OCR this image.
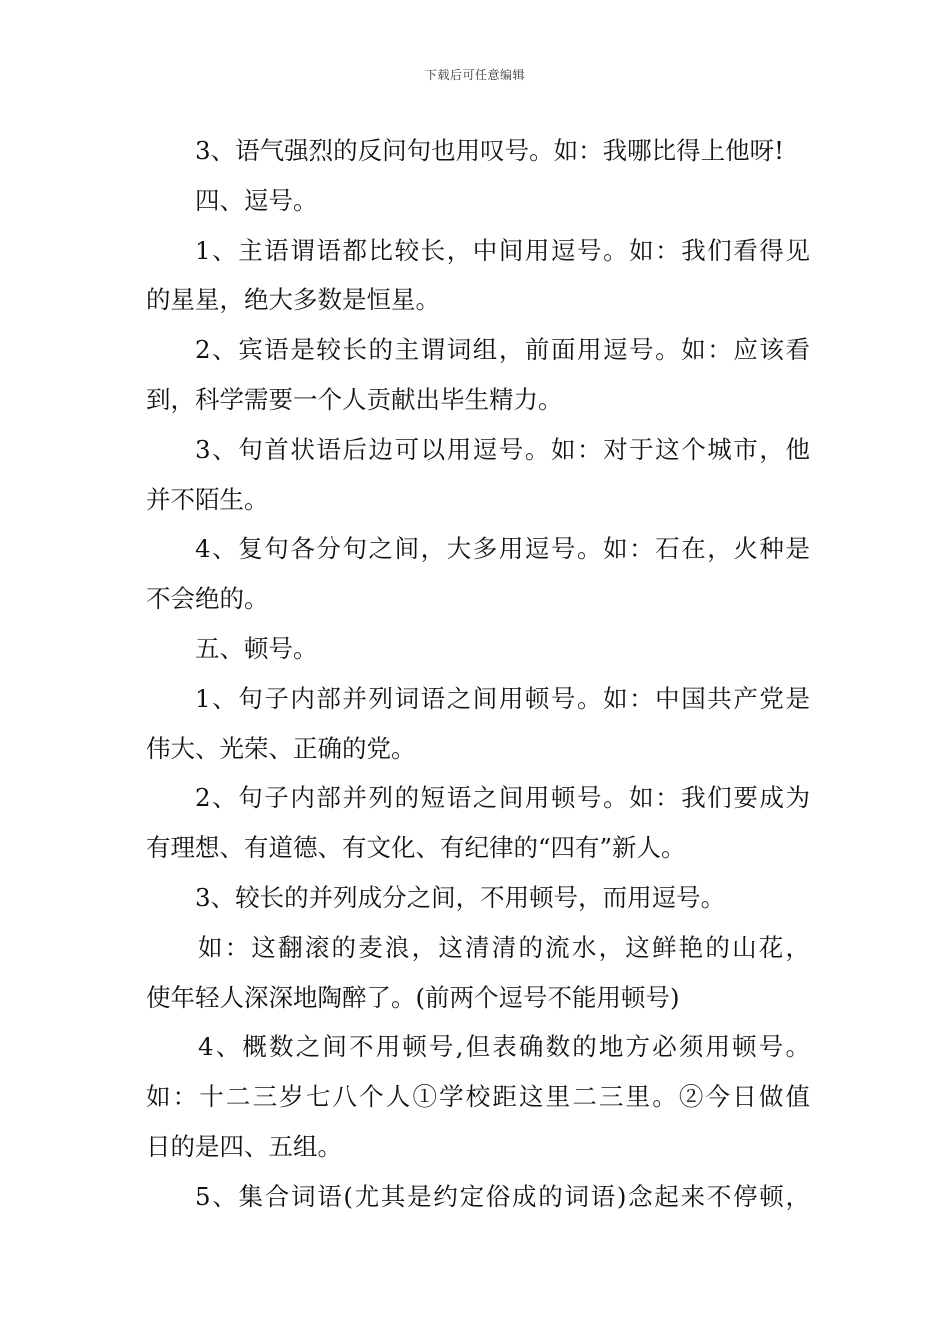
下载后可任意编辑
3、语气强烈的反问句也用叹号。如：我哪比得上他呀!
四、逗号。
1、主语谓语都比较长，中间用逗号。如：我们看得见
的星星，绝大多数是恒星。
2、宾语是较长的主谓词组，前面用逗号。如：应该看
到，科学需要一个人贡献出毕生精力。
3、句首状语后边可以用逗号。如：对于这个城市，他
并不陌生。
4、复句各分句之间，大多用逗号。如：石在，火种是
不会绝的。
五、顿号。
1、句子内部并列词语之间用顿号。如：中国共产党是
伟大、光荣、正确的党。
2、句子内部并列的短语之间用顿号。如：我们要成为
有理想、有道德、有文化、有纪律的“四有”新人。
3、较长的并列成分之间，不用顿号，而用逗号。
如：这翻滚的麦浪，这清清的流水，这鲜艳的山花，
使年轻人深深地陶醉了。(前两个逗号不能用顿号)
4、概数之间不用顿号,但表确数的地方必须用顿号。
如：十二三岁七八个人①学校距这里二三里。②今日做值
日的是四、五组。
5、集合词语(尤其是约定俗成的词语)念起来不停顿，
